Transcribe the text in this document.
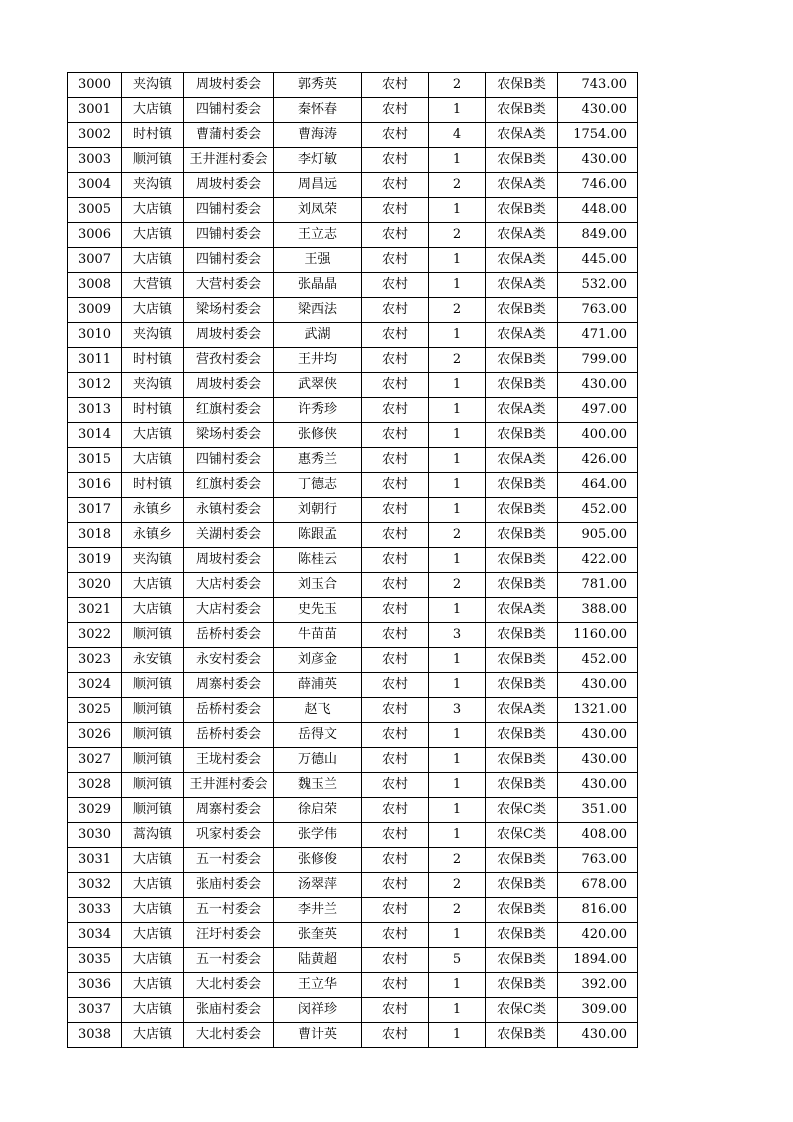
3000	夹沟镇	周坡村委会	郭秀英	农村	2	农保B类	743.00
3001	大店镇	四铺村委会	秦怀春	农村	1	农保B类	430.00
3002	时村镇	曹蒲村委会	曹海涛	农村	4	农保A类	1754.00
3003	顺河镇	王井涯村委会	李灯敏	农村	1	农保B类	430.00
3004	夹沟镇	周坡村委会	周昌远	农村	2	农保A类	746.00
3005	大店镇	四铺村委会	刘凤荣	农村	1	农保B类	448.00
3006	大店镇	四铺村委会	王立志	农村	2	农保A类	849.00
3007	大店镇	四铺村委会	王强	农村	1	农保A类	445.00
3008	大营镇	大营村委会	张晶晶	农村	1	农保A类	532.00
3009	大店镇	梁场村委会	梁西法	农村	2	农保B类	763.00
3010	夹沟镇	周坡村委会	武湖	农村	1	农保A类	471.00
3011	时村镇	营孜村委会	王井均	农村	2	农保B类	799.00
3012	夹沟镇	周坡村委会	武翠侠	农村	1	农保B类	430.00
3013	时村镇	红旗村委会	许秀珍	农村	1	农保A类	497.00
3014	大店镇	梁场村委会	张修侠	农村	1	农保B类	400.00
3015	大店镇	四铺村委会	惠秀兰	农村	1	农保A类	426.00
3016	时村镇	红旗村委会	丁德志	农村	1	农保B类	464.00
3017	永镇乡	永镇村委会	刘朝行	农村	1	农保B类	452.00
3018	永镇乡	关湖村委会	陈跟孟	农村	2	农保B类	905.00
3019	夹沟镇	周坡村委会	陈桂云	农村	1	农保B类	422.00
3020	大店镇	大店村委会	刘玉合	农村	2	农保B类	781.00
3021	大店镇	大店村委会	史先玉	农村	1	农保A类	388.00
3022	顺河镇	岳桥村委会	牛苗苗	农村	3	农保B类	1160.00
3023	永安镇	永安村委会	刘彦金	农村	1	农保B类	452.00
3024	顺河镇	周寨村委会	薛浦英	农村	1	农保B类	430.00
3025	顺河镇	岳桥村委会	赵飞	农村	3	农保A类	1321.00
3026	顺河镇	岳桥村委会	岳得文	农村	1	农保B类	430.00
3027	顺河镇	王垅村委会	万德山	农村	1	农保B类	430.00
3028	顺河镇	王井涯村委会	魏玉兰	农村	1	农保B类	430.00
3029	顺河镇	周寨村委会	徐启荣	农村	1	农保C类	351.00
3030	蒿沟镇	巩家村委会	张学伟	农村	1	农保C类	408.00
3031	大店镇	五一村委会	张修俊	农村	2	农保B类	763.00
3032	大店镇	张庙村委会	汤翠萍	农村	2	农保B类	678.00
3033	大店镇	五一村委会	李井兰	农村	2	农保B类	816.00
3034	大店镇	汪圩村委会	张奎英	农村	1	农保B类	420.00
3035	大店镇	五一村委会	陆黄超	农村	5	农保B类	1894.00
3036	大店镇	大北村委会	王立华	农村	1	农保B类	392.00
3037	大店镇	张庙村委会	闵祥珍	农村	1	农保C类	309.00
3038	大店镇	大北村委会	曹计英	农村	1	农保B类	430.00
